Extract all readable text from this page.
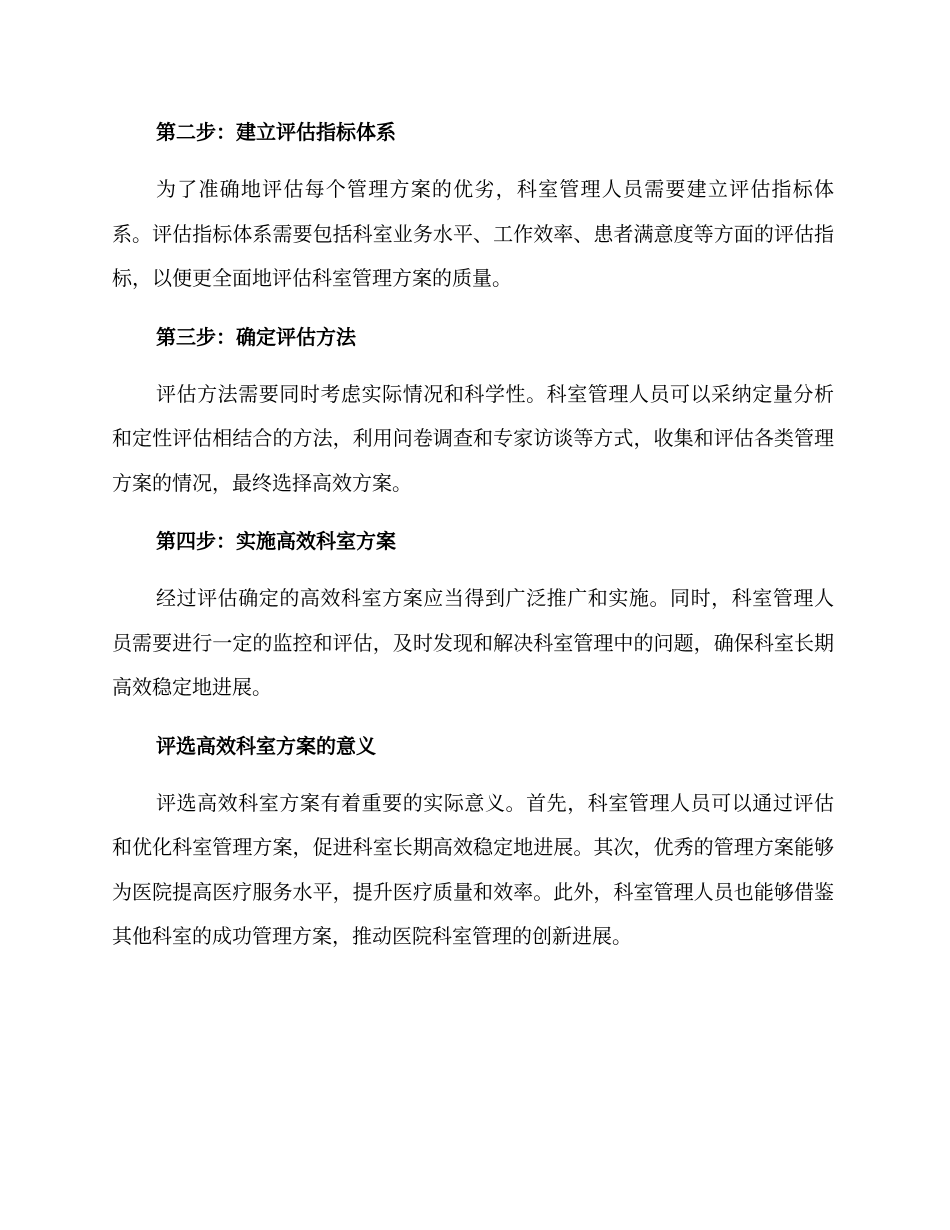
第二步：建立评估指标体系

为了准确地评估每个管理方案的优劣，科室管理人员需要建立评估指标体系。评估指标体系需要包括科室业务水平、工作效率、患者满意度等方面的评估指标，以便更全面地评估科室管理方案的质量。

第三步：确定评估方法

评估方法需要同时考虑实际情况和科学性。科室管理人员可以采纳定量分析和定性评估相结合的方法，利用问卷调查和专家访谈等方式，收集和评估各类管理方案的情况，最终选择高效方案。

第四步：实施高效科室方案

经过评估确定的高效科室方案应当得到广泛推广和实施。同时，科室管理人员需要进行一定的监控和评估，及时发现和解决科室管理中的问题，确保科室长期高效稳定地进展。

评选高效科室方案的意义

评选高效科室方案有着重要的实际意义。首先，科室管理人员可以通过评估和优化科室管理方案，促进科室长期高效稳定地进展。其次，优秀的管理方案能够为医院提高医疗服务水平，提升医疗质量和效率。此外，科室管理人员也能够借鉴其他科室的成功管理方案，推动医院科室管理的创新进展。
